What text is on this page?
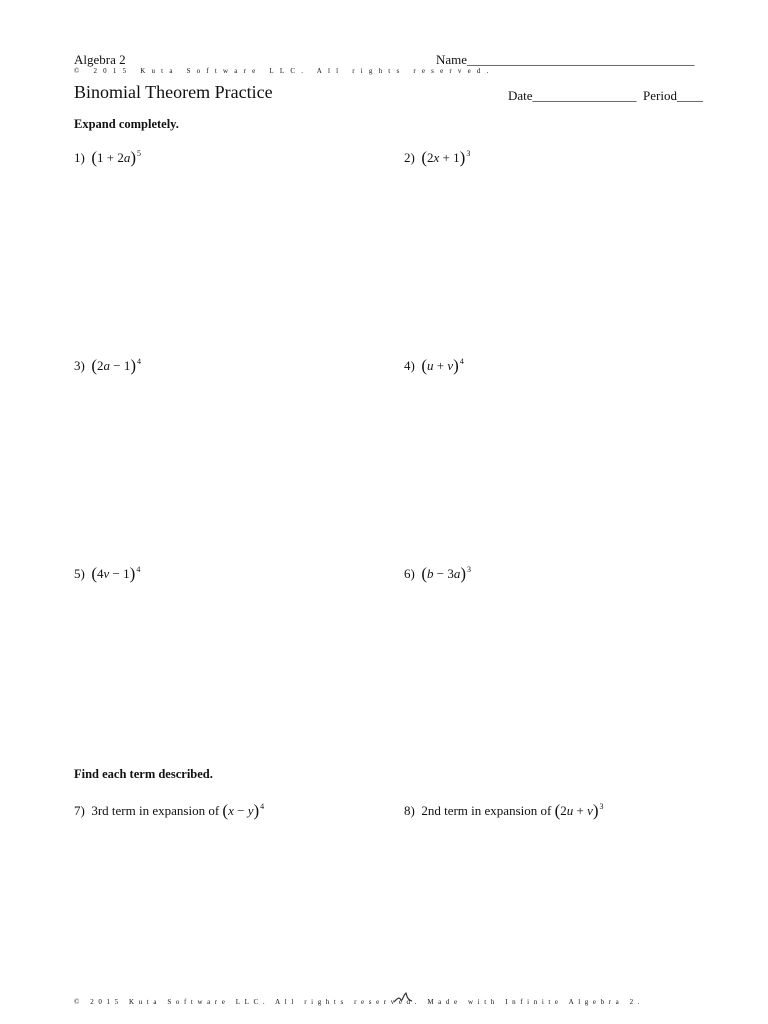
Algebra 2	Name___________________________________
© 2015 Kuta Software LLC. All rights reserved.
Binomial Theorem Practice	Date________________ Period____
Expand completely.
1) $(1 + 2a)^5$	2) $(2x + 1)^3$
3) $(2a - 1)^4$	4) $(u + v)^4$
5) $(4v - 1)^4$	6) $(b - 3a)^3$
Find each term described.
7) 3rd term in expansion of $(x - y)^4$	8) 2nd term in expansion of $(2u + v)^3$
© 2015 Kuta Software LLC. All rights reserved. Made with Infinite Algebra 2.
